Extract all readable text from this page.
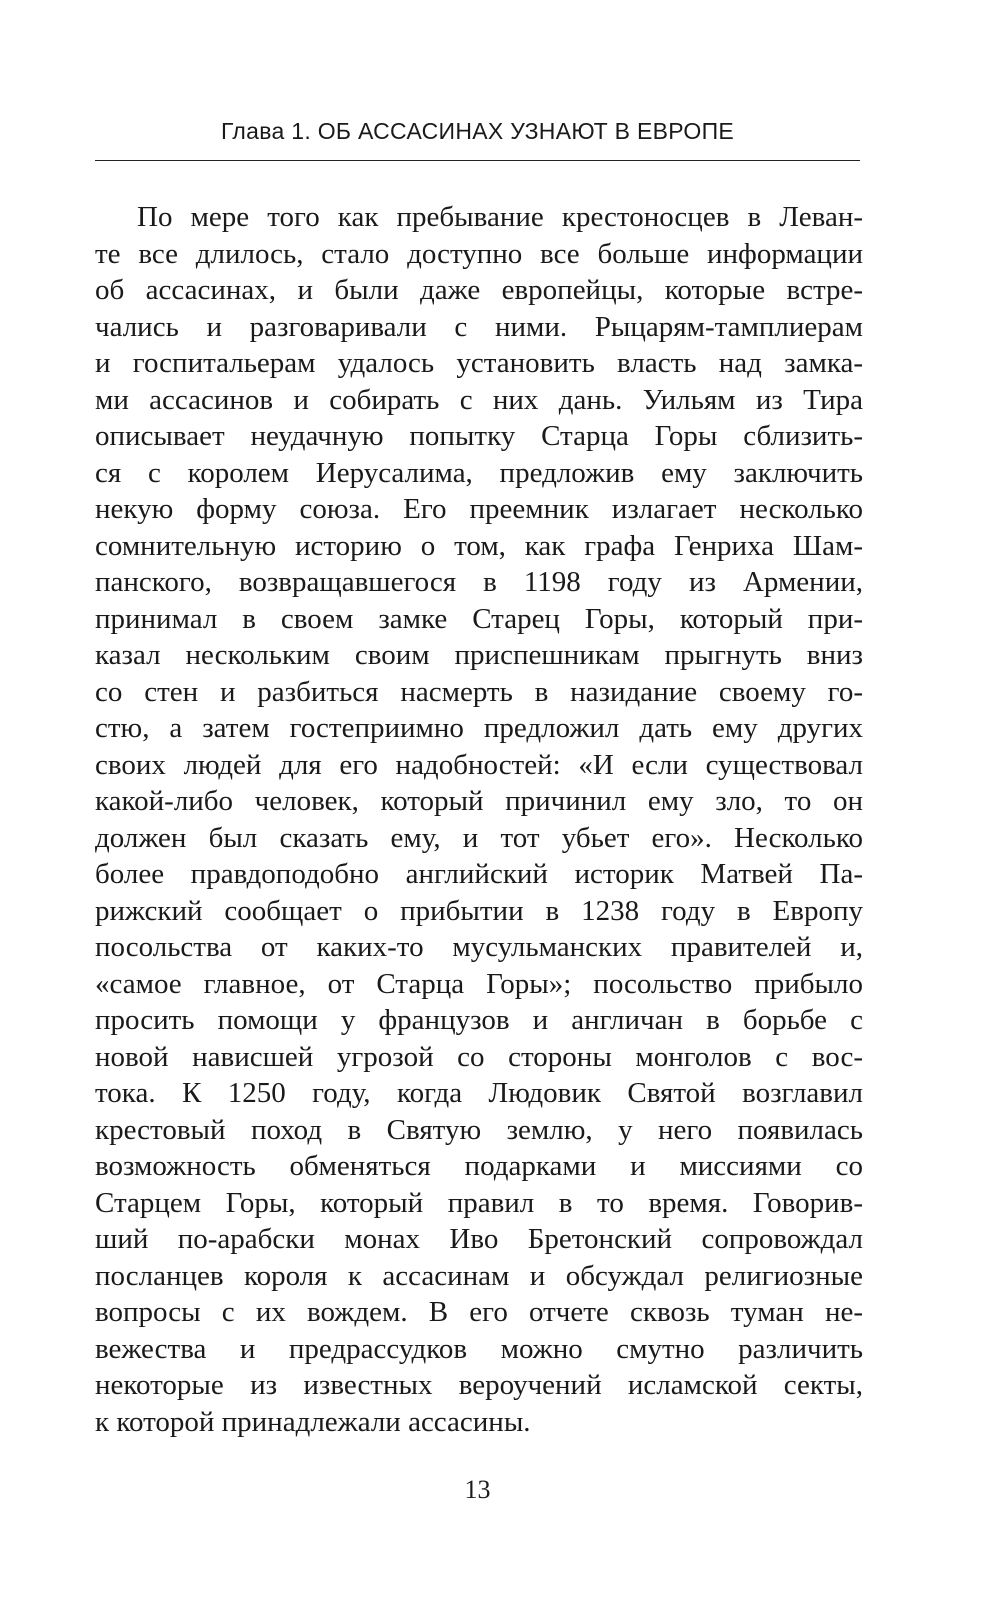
Глава 1. ОБ АССАСИНАХ УЗНАЮТ В ЕВРОПЕ
По мере того как пребывание крестоносцев в Леван-
те все длилось, стало доступно все больше информации
об ассасинах, и были даже европейцы, которые встре-
чались и разговаривали с ними. Рыцарям-тамплиерам
и госпитальерам удалось установить власть над замка-
ми ассасинов и собирать с них дань. Уильям из Тира
описывает неудачную попытку Старца Горы сблизить-
ся с королем Иерусалима, предложив ему заключить
некую форму союза. Его преемник излагает несколько
сомнительную историю о том, как графа Генриха Шам-
панского, возвращавшегося в 1198 году из Армении,
принимал в своем замке Старец Горы, который при-
казал нескольким своим приспешникам прыгнуть вниз
со стен и разбиться насмерть в назидание своему го-
стю, а затем гостеприимно предложил дать ему других
своих людей для его надобностей: «И если существовал
какой-либо человек, который причинил ему зло, то он
должен был сказать ему, и тот убьет его». Несколько
более правдоподобно английский историк Матвей Па-
рижский сообщает о прибытии в 1238 году в Европу
посольства от каких-то мусульманских правителей и,
«самое главное, от Старца Горы»; посольство прибыло
просить помощи у французов и англичан в борьбе с
новой нависшей угрозой со стороны монголов с вос-
тока. К 1250 году, когда Людовик Святой возглавил
крестовый поход в Святую землю, у него появилась
возможность обменяться подарками и миссиями со
Старцем Горы, который правил в то время. Говорив-
ший по-арабски монах Иво Бретонский сопровождал
посланцев короля к ассасинам и обсуждал религиозные
вопросы с их вождем. В его отчете сквозь туман не-
вежества и предрассудков можно смутно различить
некоторые из известных вероучений исламской секты,
к которой принадлежали ассасины.
13
